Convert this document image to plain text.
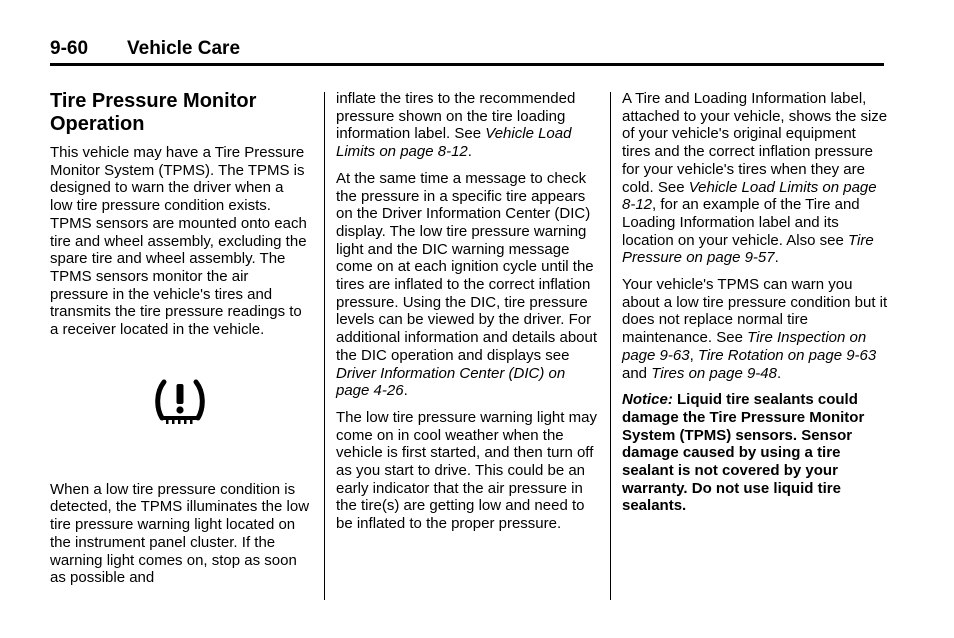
9-60 Vehicle Care
Tire Pressure Monitor Operation

This vehicle may have a Tire Pressure Monitor System (TPMS). The TPMS is designed to warn the driver when a low tire pressure condition exists. TPMS sensors are mounted onto each tire and wheel assembly, excluding the spare tire and wheel assembly. The TPMS sensors monitor the air pressure in the vehicle's tires and transmits the tire pressure readings to a receiver located in the vehicle.

When a low tire pressure condition is detected, the TPMS illuminates the low tire pressure warning light located on the instrument panel cluster. If the warning light comes on, stop as soon as possible and

inflate the tires to the recommended pressure shown on the tire loading information label. See Vehicle Load Limits on page 8-12.

At the same time a message to check the pressure in a specific tire appears on the Driver Information Center (DIC) display. The low tire pressure warning light and the DIC warning message come on at each ignition cycle until the tires are inflated to the correct inflation pressure. Using the DIC, tire pressure levels can be viewed by the driver. For additional information and details about the DIC operation and displays see Driver Information Center (DIC) on page 4-26.

The low tire pressure warning light may come on in cool weather when the vehicle is first started, and then turn off as you start to drive. This could be an early indicator that the air pressure in the tire(s) are getting low and need to be inflated to the proper pressure.

A Tire and Loading Information label, attached to your vehicle, shows the size of your vehicle's original equipment tires and the correct inflation pressure for your vehicle's tires when they are cold. See Vehicle Load Limits on page 8-12, for an example of the Tire and Loading Information label and its location on your vehicle. Also see Tire Pressure on page 9-57.

Your vehicle's TPMS can warn you about a low tire pressure condition but it does not replace normal tire maintenance. See Tire Inspection on page 9-63, Tire Rotation on page 9-63 and Tires on page 9-48.

Notice: Liquid tire sealants could damage the Tire Pressure Monitor System (TPMS) sensors. Sensor damage caused by using a tire sealant is not covered by your warranty. Do not use liquid tire sealants.
